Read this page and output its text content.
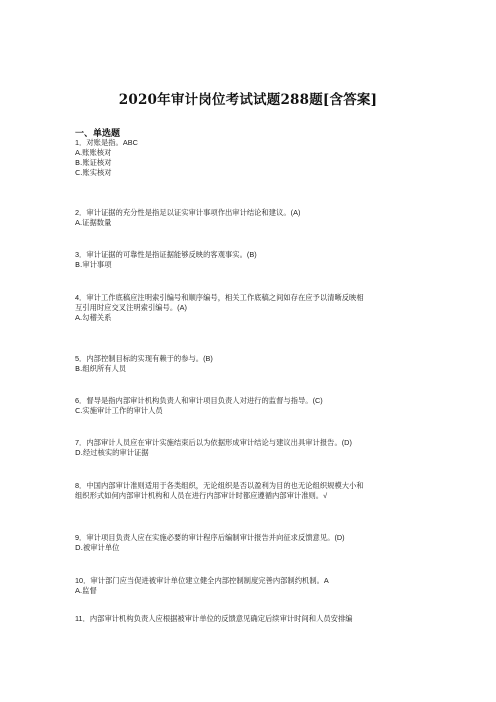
2020年审计岗位考试试题288题[含答案]
一、单选题
1．对账是指。ABC
A.账账核对
B.账证核对
C.账实核对
2．审计证据的充分性是指足以证实审计事项作出审计结论和建议。(A)
A.证据数量
3．审计证据的可靠性是指证据能够反映的客观事实。(B)
B.审计事项
4．审计工作底稿应注明索引编号和顺序编号，相关工作底稿之间如存在应予以清晰反映相
互引用时应交叉注明索引编号。(A)
A.勾稽关系
5．内部控制目标的实现有赖于的参与。(B)
B.组织所有人员
6．督导是指内部审计机构负责人和审计项目负责人对进行的监督与指导。(C)
C.实施审计工作的审计人员
7．内部审计人员应在审计实施结束后以为依据形成审计结论与建议出具审计报告。(D)
D.经过核实的审计证据
8．中国内部审计准则适用于各类组织，无论组织是否以盈利为目的也无论组织规模大小和
组织形式如何内部审计机构和人员在进行内部审计时都应遵循内部审计准则。√
9．审计项目负责人应在实施必要的审计程序后编制审计报告并向征求反馈意见。(D)
D.被审计单位
10．审计部门应当促进被审计单位建立健全内部控制制度完善内部制约机制。A
A.监督
11．内部审计机构负责人应根据被审计单位的反馈意见确定后续审计时间和人员安排编
